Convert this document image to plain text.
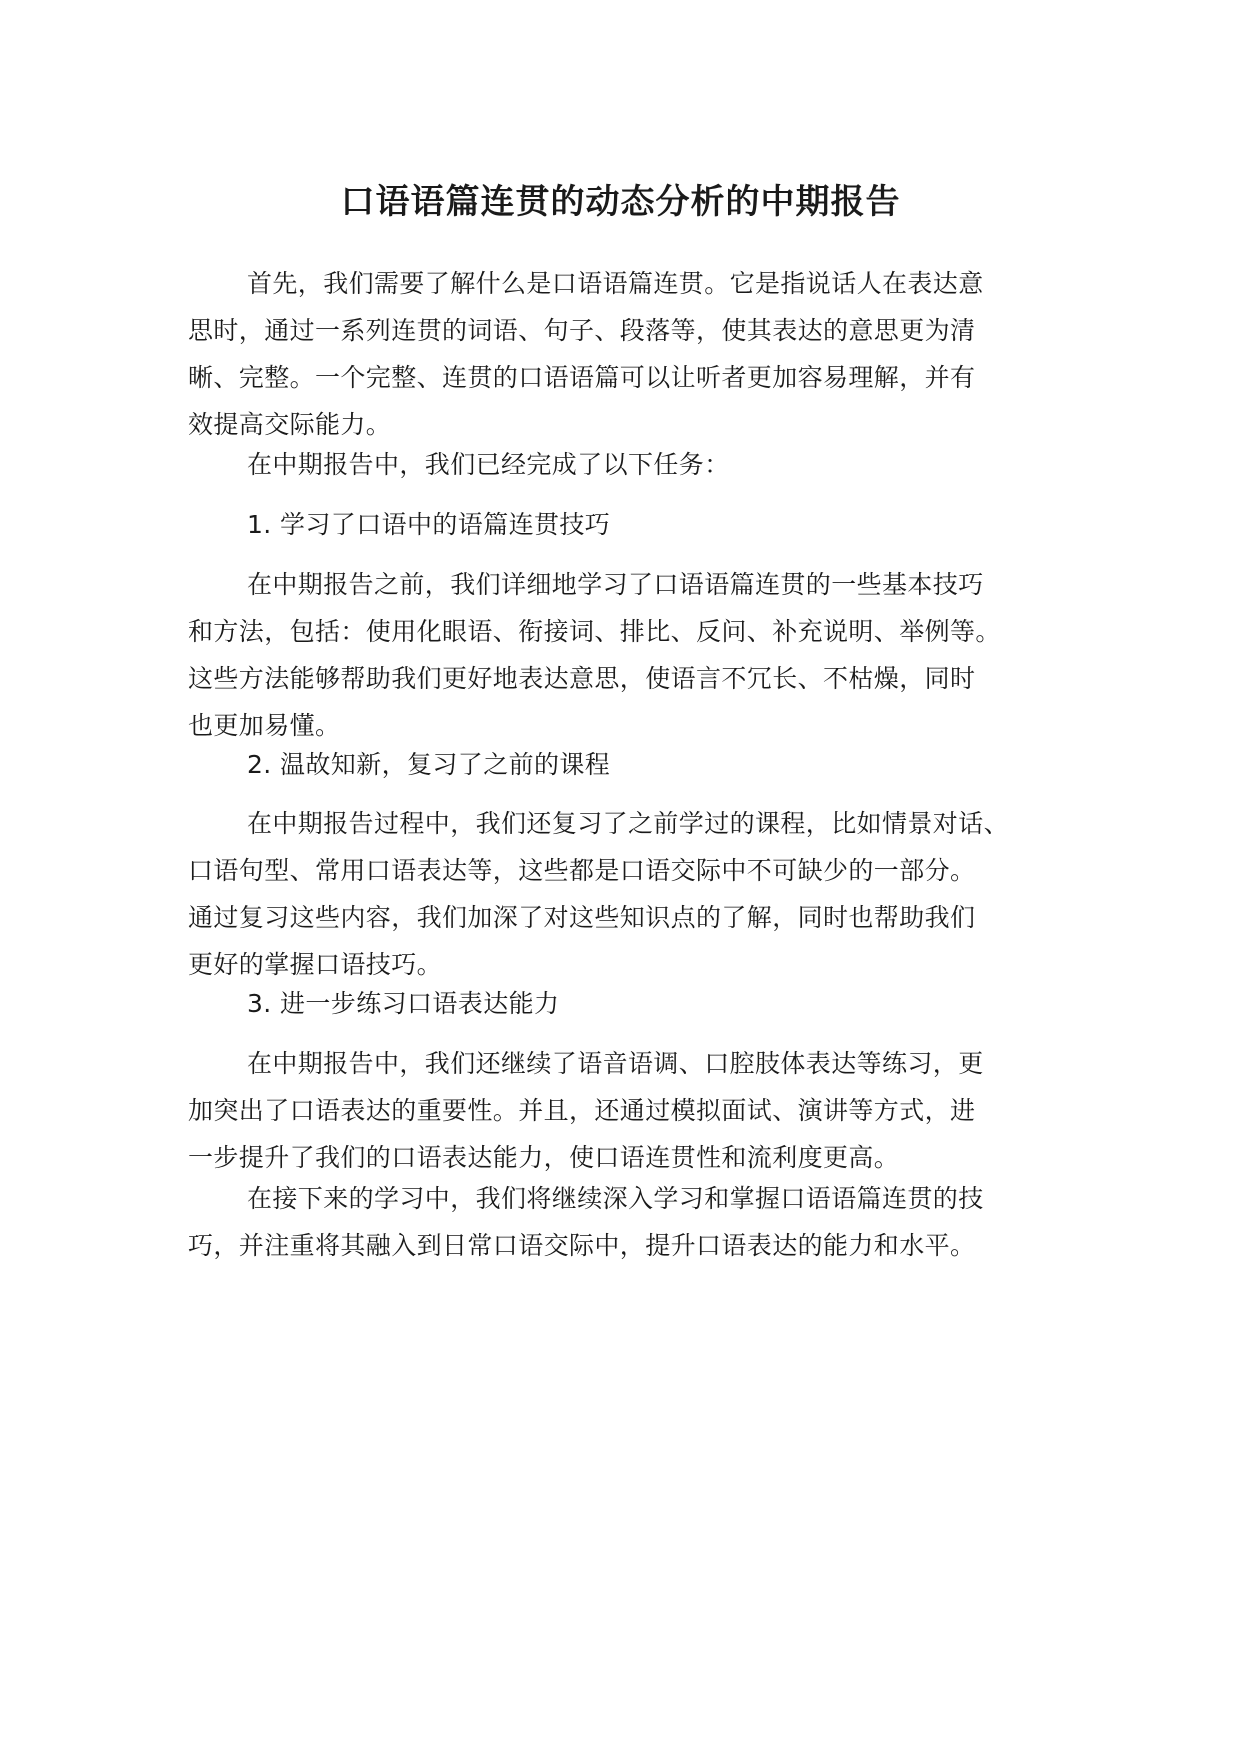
口语语篇连贯的动态分析的中期报告

首先，我们需要了解什么是口语语篇连贯。它是指说话人在表达意
思时，通过一系列连贯的词语、句子、段落等，使其表达的意思更为清
晰、完整。一个完整、连贯的口语语篇可以让听者更加容易理解，并有
效提高交际能力。

在中期报告中，我们已经完成了以下任务：

1. 学习了口语中的语篇连贯技巧

在中期报告之前，我们详细地学习了口语语篇连贯的一些基本技巧
和方法，包括：使用化眼语、衔接词、排比、反问、补充说明、举例等。
这些方法能够帮助我们更好地表达意思，使语言不冗长、不枯燥，同时
也更加易懂。

2. 温故知新，复习了之前的课程

在中期报告过程中，我们还复习了之前学过的课程，比如情景对话、
口语句型、常用口语表达等，这些都是口语交际中不可缺少的一部分。
通过复习这些内容，我们加深了对这些知识点的了解，同时也帮助我们
更好的掌握口语技巧。

3. 进一步练习口语表达能力

在中期报告中，我们还继续了语音语调、口腔肢体表达等练习，更
加突出了口语表达的重要性。并且，还通过模拟面试、演讲等方式，进
一步提升了我们的口语表达能力，使口语连贯性和流利度更高。

在接下来的学习中，我们将继续深入学习和掌握口语语篇连贯的技
巧，并注重将其融入到日常口语交际中，提升口语表达的能力和水平。
